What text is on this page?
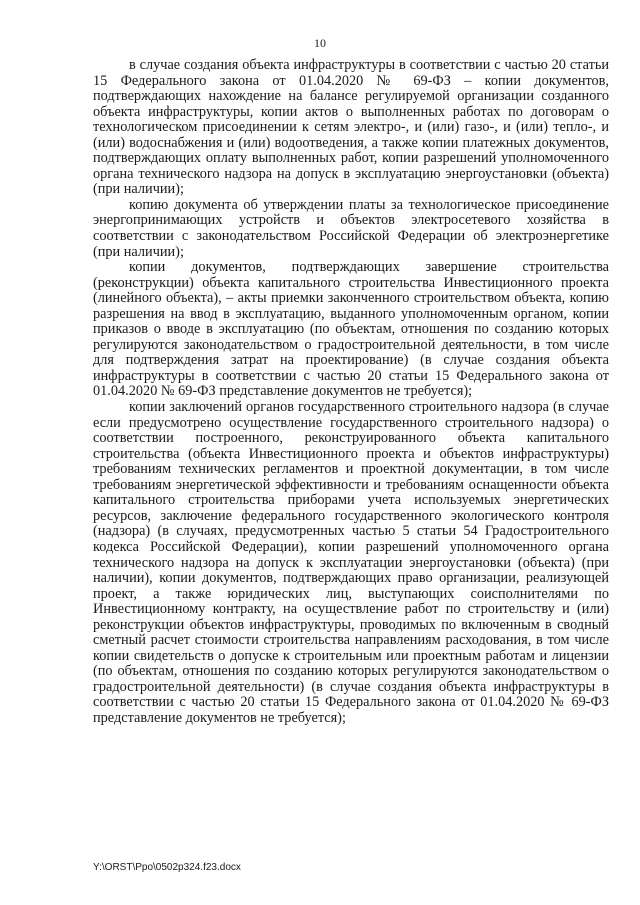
10

в случае создания объекта инфраструктуры в соответствии с частью 20 статьи 15 Федерального закона от 01.04.2020 № 69-ФЗ – копии документов, подтверждающих нахождение на балансе регулируемой организации созданного объекта инфраструктуры, копии актов о выполненных работах по договорам о технологическом присоединении к сетям электро-, и (или) газо-, и (или) тепло-, и (или) водоснабжения и (или) водоотведения, а также копии платежных документов, подтверждающих оплату выполненных работ, копии разрешений уполномоченного органа технического надзора на допуск в эксплуатацию энергоустановки (объекта) (при наличии);

копию документа об утверждении платы за технологическое присоединение энергопринимающих устройств и объектов электросетевого хозяйства в соответствии с законодательством Российской Федерации об электроэнергетике (при наличии);

копии документов, подтверждающих завершение строительства (реконструкции) объекта капитального строительства Инвестиционного проекта (линейного объекта), – акты приемки законченного строительством объекта, копию разрешения на ввод в эксплуатацию, выданного уполномоченным органом, копии приказов о вводе в эксплуатацию (по объектам, отношения по созданию которых регулируются законодательством о градостроительной деятельности, в том числе для подтверждения затрат на проектирование) (в случае создания объекта инфраструктуры в соответствии с частью 20 статьи 15 Федерального закона от 01.04.2020 № 69-ФЗ представление документов не требуется);

копии заключений органов государственного строительного надзора (в случае если предусмотрено осуществление государственного строительного надзора) о соответствии построенного, реконструированного объекта капитального строительства (объекта Инвестиционного проекта и объектов инфраструктуры) требованиям технических регламентов и проектной документации, в том числе требованиям энергетической эффективности и требованиям оснащенности объекта капитального строительства приборами учета используемых энергетических ресурсов, заключение федерального государственного экологического контроля (надзора) (в случаях, предусмотренных частью 5 статьи 54 Градостроительного кодекса Российской Федерации), копии разрешений уполномоченного органа технического надзора на допуск к эксплуатации энергоустановки (объекта) (при наличии), копии документов, подтверждающих право организации, реализующей проект, а также юридических лиц, выступающих соисполнителями по Инвестиционному контракту, на осуществление работ по строительству и (или) реконструкции объектов инфраструктуры, проводимых по включенным в сводный сметный расчет стоимости строительства направлениям расходования, в том числе копии свидетельств о допуске к строительным или проектным работам и лицензии (по объектам, отношения по созданию которых регулируются законодательством о градостроительной деятельности) (в случае создания объекта инфраструктуры в соответствии с частью 20 статьи 15 Федерального закона от 01.04.2020 № 69-ФЗ представление документов не требуется);

Y:\ORST\Ppo\0502p324.f23.docx
